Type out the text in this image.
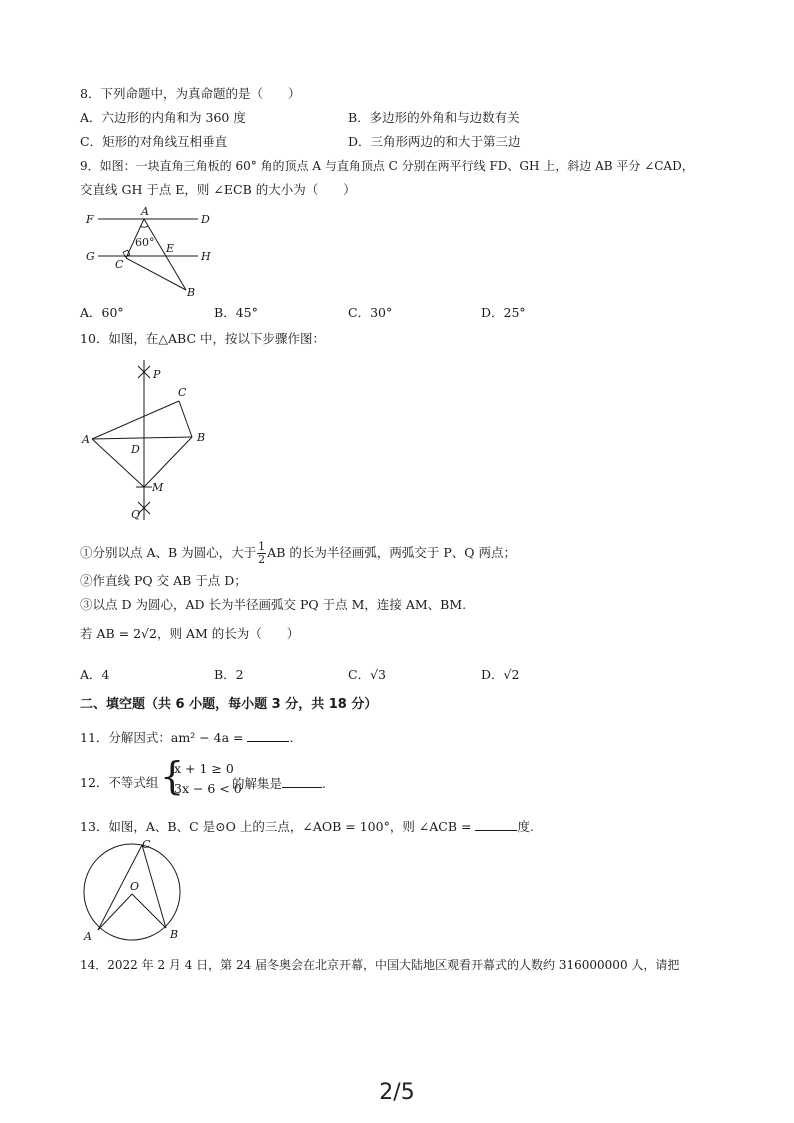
8．下列命题中，为真命题的是（　　）
A．六边形的内角和为 360 度	B．多边形的外角和与边数有关
C．矩形的对角线互相垂直	D．三角形两边的和大于第三边
9．如图：一块直角三角板的 60° 角的顶点 A 与直角顶点 C 分别在两平行线 FD、GH 上，斜边 AB 平分 ∠CAD，
交直线 GH 于点 E，则 ∠ECB 的大小为（　　）
F
A
D
G
C
E
H
B
60°
A．60°	B．45°	C．30°	D．25°
10．如图，在△ABC 中，按以下步骤作图：
P
C
A	B
D
M
Q
①分别以点 A、B 为圆心，大于 $\frac{1}{2}$ AB 的长为半径画弧，两弧交于 P、Q 两点；
②作直线 PQ 交 AB 于点 D；
③以点 D 为圆心，AD 长为半径画弧交 PQ 于点 M，连接 AM、BM.
若 AB = 2√2，则 AM 的长为（　　）
A．4	B．2	C．√3	D．√2
二、填空题（共 6 小题，每小题 3 分，共 18 分）
11．分解因式：am² − 4a =	.
12．不等式组 {
x + 1 ≥ 0
3x − 6 < 0
的解集是	.
13．如图，A、B、C 是⊙O 上的三点，∠AOB = 100°，则 ∠ACB =	度.
C
O
A	B
14．2022 年 2 月 4 日，第 24 届冬奥会在北京开幕，中国大陆地区观看开幕式的人数约 316000000 人，请把
2/5
